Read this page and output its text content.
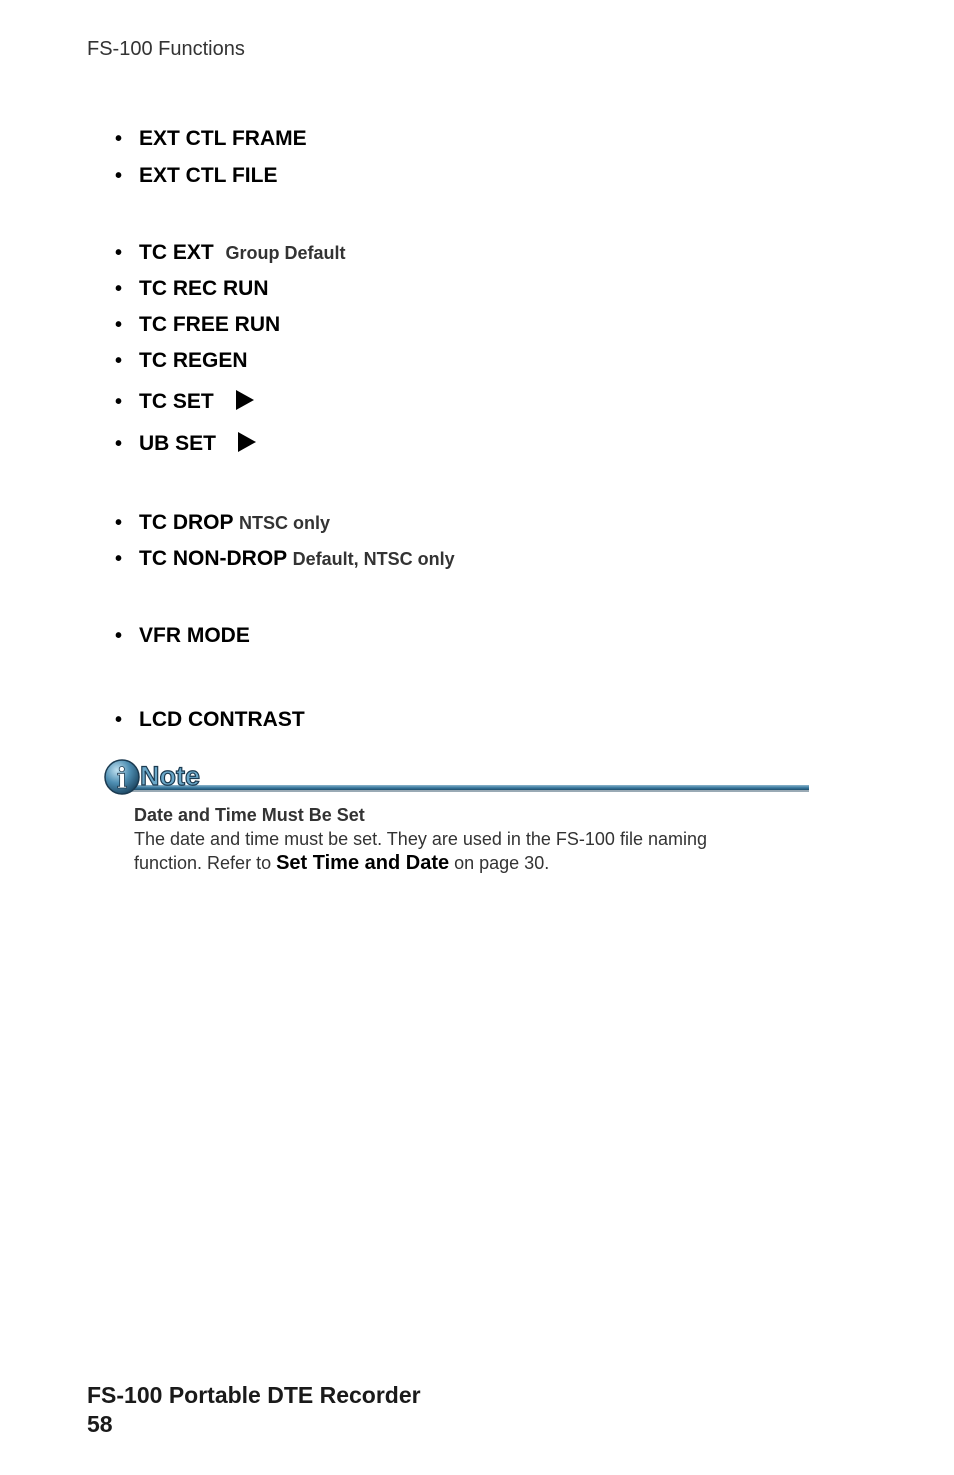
FS-100 Functions
• EXT CTL FRAME
• EXT CTL FILE
• TC EXT Group Default
• TC REC RUN
• TC FREE RUN
• TC REGEN
• TC SET
• UB SET
• TC DROP NTSC only
• TC NON-DROP Default, NTSC only
• VFR MODE
• LCD CONTRAST
i Note
Date and Time Must Be Set
The date and time must be set. They are used in the FS-100 file naming
function. Refer to Set Time and Date on page 30.
FS-100 Portable DTE Recorder
58
